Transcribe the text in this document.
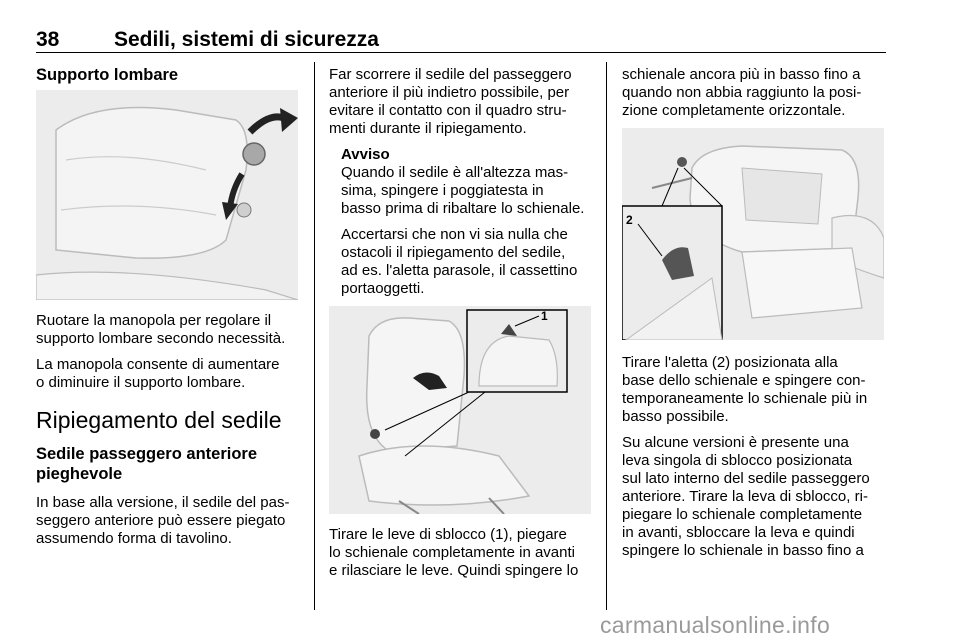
38	Sedili, sistemi di sicurezza
Supporto lombare

Ruotare la manopola per regolare il
supporto lombare secondo necessità.

La manopola consente di aumentare
o diminuire il supporto lombare.

Ripiegamento del sedile
Sedile passeggero anteriore
pieghevole

In base alla versione, il sedile del pas-
seggero anteriore può essere piegato
assumendo forma di tavolino.

Far scorrere il sedile del passeggero
anteriore il più indietro possibile, per
evitare il contatto con il quadro stru-
menti durante il ripiegamento.

Avviso

Quando il sedile è all'altezza mas-
sima, spingere i poggiatesta in
basso prima di ribaltare lo schienale.

Accertarsi che non vi sia nulla che
ostacoli il ripiegamento del sedile,
ad es. l'aletta parasole, il cassettino
portaoggetti.

1

Tirare le leve di sblocco (1), piegare
lo schienale completamente in avanti
e rilasciare le leve. Quindi spingere lo

schienale ancora più in basso fino a
quando non abbia raggiunto la posi-
zione completamente orizzontale.

2

Tirare l'aletta (2) posizionata alla
base dello schienale e spingere con-
temporaneamente lo schienale più in
basso possibile.

Su alcune versioni è presente una
leva singola di sblocco posizionata
sul lato interno del sedile passeggero
anteriore. Tirare la leva di sblocco, ri-
piegare lo schienale completamente
in avanti, sbloccare la leva e quindi
spingere lo schienale in basso fino a

carmanualsonline.info
